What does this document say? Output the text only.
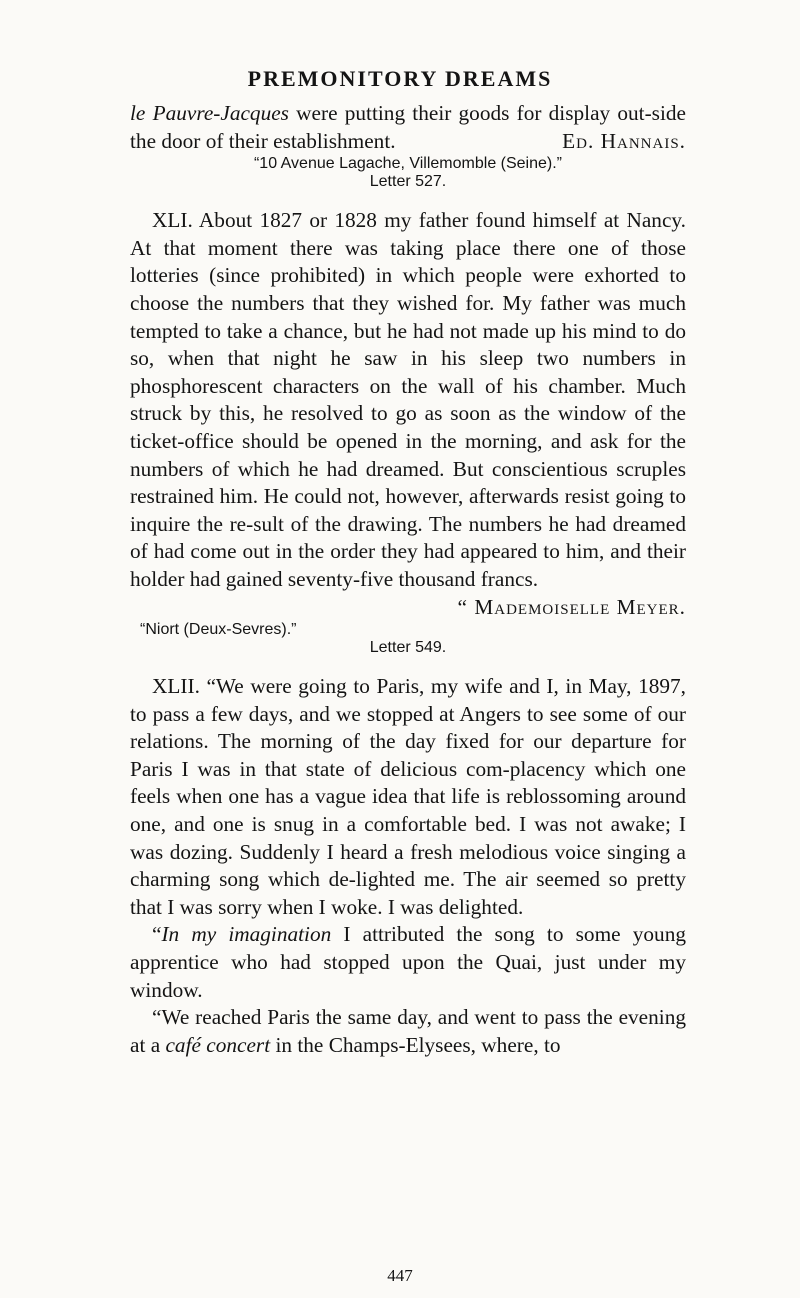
PREMONITORY DREAMS

le Pauvre-Jacques were putting their goods for display out-side the door of their establishment.	Ed. Hannais.

“10 Avenue Lagache, Villemomble (Seine).”
Letter 527.

XLI. About 1827 or 1828 my father found himself at Nancy. At that moment there was taking place there one of those lotteries (since prohibited) in which people were exhorted to choose the numbers that they wished for. My father was much tempted to take a chance, but he had not made up his mind to do so, when that night he saw in his sleep two numbers in phosphorescent characters on the wall of his chamber. Much struck by this, he resolved to go as soon as the window of the ticket-office should be opened in the morning, and ask for the numbers of which he had dreamed. But conscientious scruples restrained him. He could not, however, afterwards resist going to inquire the re-sult of the drawing. The numbers he had dreamed of had come out in the order they had appeared to him, and their holder had gained seventy-five thousand francs.

“ Mademoiselle Meyer.
“Niort (Deux-Sevres).”
Letter 549.

XLII. “We were going to Paris, my wife and I, in May, 1897, to pass a few days, and we stopped at Angers to see some of our relations. The morning of the day fixed for our departure for Paris I was in that state of delicious com-placency which one feels when one has a vague idea that life is reblossoming around one, and one is snug in a comfortable bed. I was not awake; I was dozing. Suddenly I heard a fresh melodious voice singing a charming song which de-lighted me. The air seemed so pretty that I was sorry when I woke. I was delighted.

“In my imagination I attributed the song to some young apprentice who had stopped upon the Quai, just under my window.

“We reached Paris the same day, and went to pass the evening at a café concert in the Champs-Elysees, where, to

447
